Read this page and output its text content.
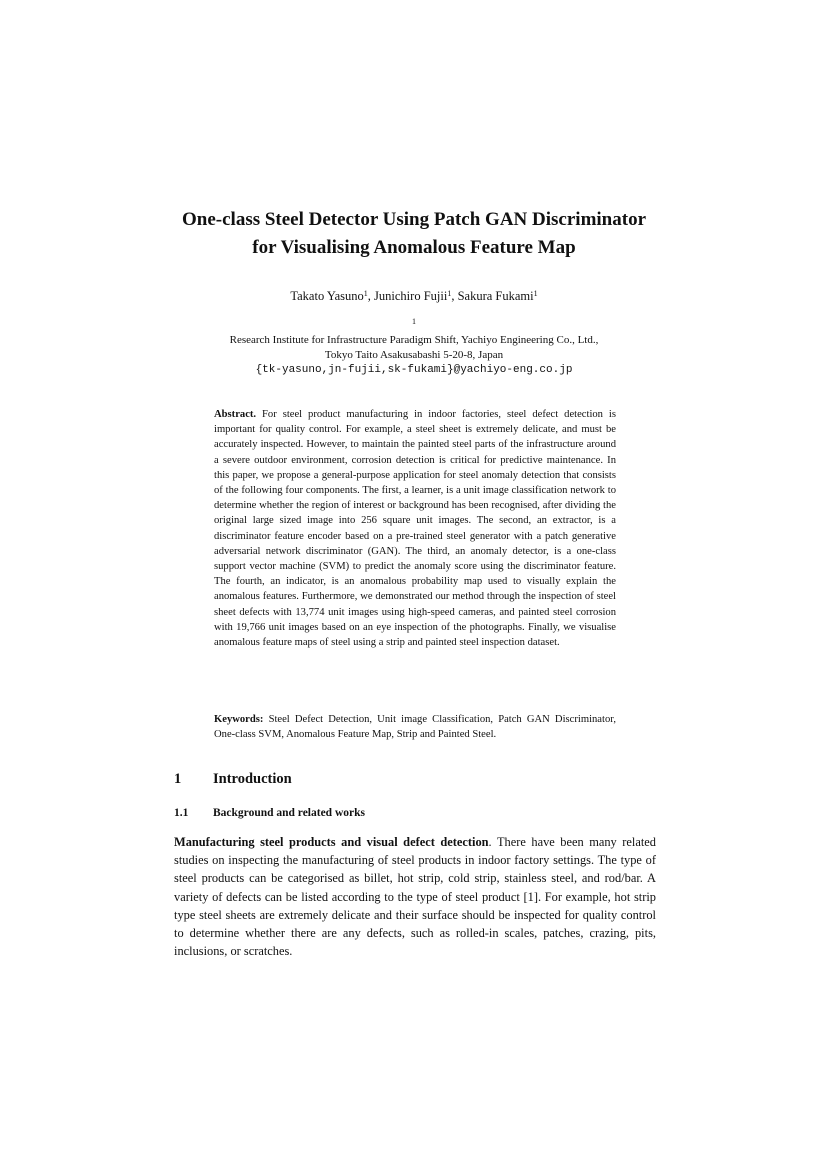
One-class Steel Detector Using Patch GAN Discriminator
for Visualising Anomalous Feature Map

Takato Yasuno$^1$, Junichiro Fujii$^1$, Sakura Fukami$^1$

$^1$
Research Institute for Infrastructure Paradigm Shift, Yachiyo Engineering Co., Ltd.,
Tokyo Taito Asakusabashi 5-20-8, Japan
{tk-yasuno,jn-fujii,sk-fukami}@yachiyo-eng.co.jp

Abstract. For steel product manufacturing in indoor factories, steel defect detection is important for quality control. For example, a steel sheet is extremely delicate, and must be accurately inspected. However, to maintain the painted steel parts of the infrastructure around a severe outdoor environment, corrosion detection is critical for predictive maintenance. In this paper, we propose a general-purpose application for steel anomaly detection that consists of the following four components. The first, a learner, is a unit image classification network to determine whether the region of interest or background has been recognised, after dividing the original large sized image into 256 square unit images. The second, an extractor, is a discriminator feature encoder based on a pre-trained steel generator with a patch generative adversarial network discriminator (GAN). The third, an anomaly detector, is a one-class support vector machine (SVM) to predict the anomaly score using the discriminator feature. The fourth, an indicator, is an anomalous probability map used to visually explain the anomalous features. Furthermore, we demonstrated our method through the inspection of steel sheet defects with 13,774 unit images using high-speed cameras, and painted steel corrosion with 19,766 unit images based on an eye inspection of the photographs. Finally, we visualise anomalous feature maps of steel using a strip and painted steel inspection dataset.

Keywords: Steel Defect Detection, Unit image Classification, Patch GAN Discriminator, One-class SVM, Anomalous Feature Map, Strip and Painted Steel.

1 Introduction
1.1 Background and related works

Manufacturing steel products and visual defect detection. There have been many related studies on inspecting the manufacturing of steel products in indoor factory settings. The type of steel products can be categorised as billet, hot strip, cold strip, stainless steel, and rod/bar. A variety of defects can be listed according to the type of steel product [1]. For example, hot strip type steel sheets are extremely delicate and their surface should be inspected for quality control to determine whether there are any defects, such as rolled-in scales, patches, crazing, pits, inclusions, or scratches.
